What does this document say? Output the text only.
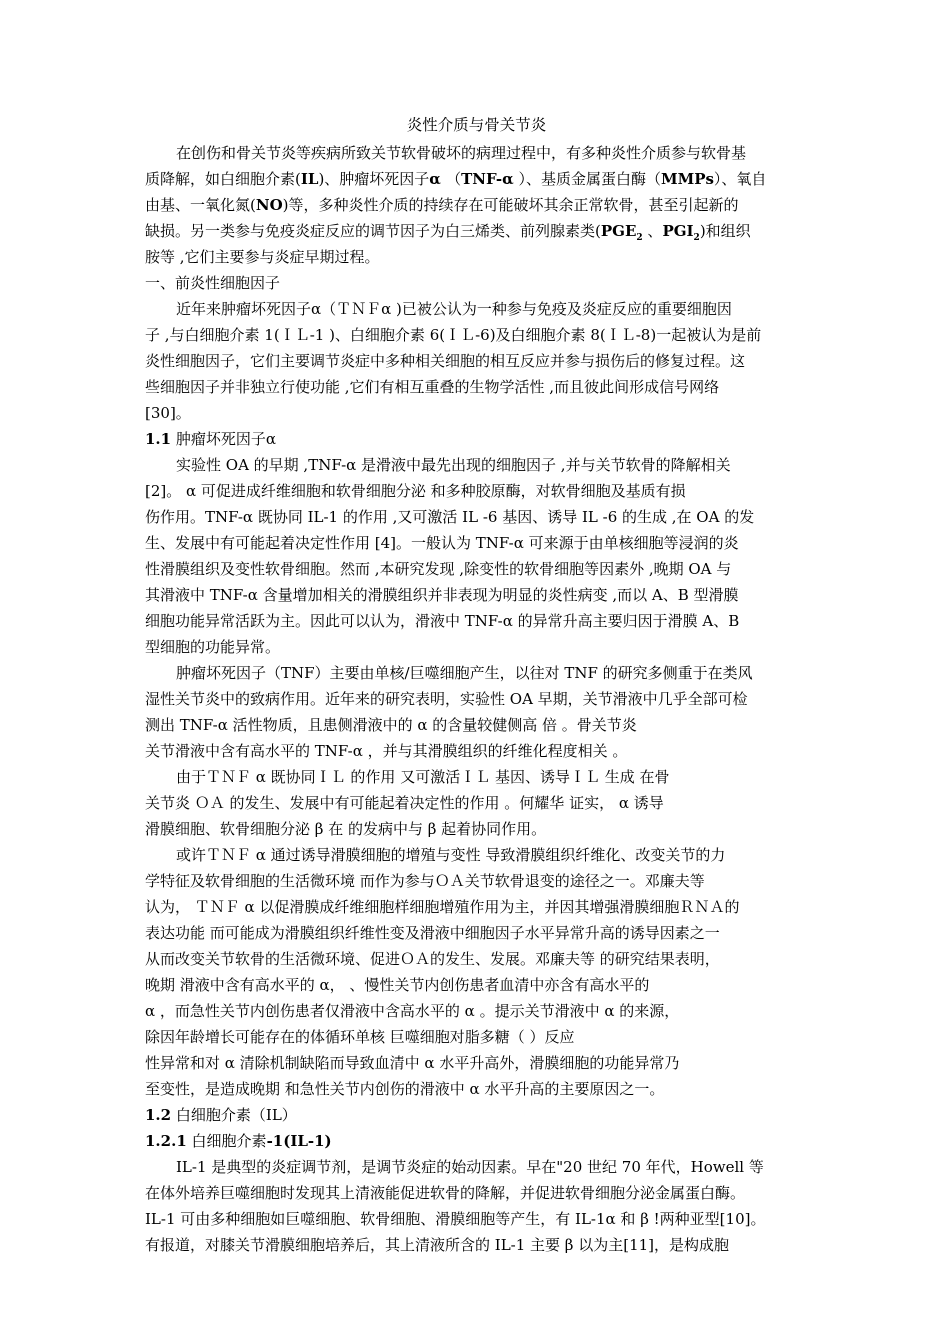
炎性介质与骨关节炎
在创伤和骨关节炎等疾病所致关节软骨破坏的病理过程中，有多种炎性介质参与软骨基
质降解，如白细胞介素(IL)、肿瘤坏死因子α （TNF-α ）、基质金属蛋白酶（MMPs）、氧自
由基、一氧化氮(NO)等，多种炎性介质的持续存在可能破坏其余正常软骨，甚至引起新的
缺损。另一类参与免疫炎症反应的调节因子为白三烯类、前列腺素类($PGE_2$ 、$PGI_2$)和组织
胺等 ,它们主要参与炎症早期过程。
一、前炎性细胞因子
近年来肿瘤坏死因子α（ＴＮＦα )已被公认为一种参与免疫及炎症反应的重要细胞因
子 ,与白细胞介素 1(ＩＬ-1 )、白细胞介素 6(ＩＬ-6)及白细胞介素 8(ＩＬ-8)一起被认为是前
炎性细胞因子，它们主要调节炎症中多种相关细胞的相互反应并参与损伤后的修复过程。这
些细胞因子并非独立行使功能 ,它们有相互重叠的生物学活性 ,而且彼此间形成信号网络
[30]。
1.1 肿瘤坏死因子α
实验性 OA 的早期 ,TNF-α 是滑液中最先出现的细胞因子 ,并与关节软骨的降解相关
[2]。 α 可促进成纤维细胞和软骨细胞分泌 和多种胶原酶，对软骨细胞及基质有损
伤作用。TNF-α 既协同 IL-1 的作用 ,又可激活 IL -6 基因、诱导 IL -6 的生成 ,在 OA 的发
生、发展中有可能起着决定性作用 [4]。一般认为 TNF-α 可来源于由单核细胞等浸润的炎
性滑膜组织及变性软骨细胞。然而 ,本研究发现 ,除变性的软骨细胞等因素外 ,晚期 OA 与
其滑液中 TNF-α 含量增加相关的滑膜组织并非表现为明显的炎性病变 ,而以 A、B 型滑膜
细胞功能异常活跃为主。因此可以认为，滑液中 TNF-α 的异常升高主要归因于滑膜 A、B
型细胞的功能异常。
肿瘤坏死因子（TNF）主要由单核/巨噬细胞产生，以往对 TNF 的研究多侧重于在类风
湿性关节炎中的致病作用。近年来的研究表明，实验性 OA 早期，关节滑液中几乎全部可检
测出 TNF-α 活性物质，且患侧滑液中的 α 的含量较健侧高 倍 。骨关节炎
关节滑液中含有高水平的 TNF-α ，并与其滑膜组织的纤维化程度相关 。
由于ＴＮＦ α 既协同ＩＬ 的作用 又可激活ＩＬ 基因、诱导ＩＬ 生成 在骨
关节炎 ＯＡ 的发生、发展中有可能起着决定性的作用 。何耀华 证实， α 诱导
滑膜细胞、软骨细胞分泌 β 在 的发病中与 β 起着协同作用。
或许ＴＮＦ α 通过诱导滑膜细胞的增殖与变性 导致滑膜组织纤维化、改变关节的力
学特征及软骨细胞的生活微环境 而作为参与ＯＡ关节软骨退变的途径之一。邓廉夫等
认为， ＴＮＦ α 以促滑膜成纤维细胞样细胞增殖作用为主，并因其增强滑膜细胞ＲＮＡ的
表达功能 而可能成为滑膜组织纤维性变及滑液中细胞因子水平异常升高的诱导因素之一
从而改变关节软骨的生活微环境、促进ＯＡ的发生、发展。邓廉夫等 的研究结果表明，
晚期 滑液中含有高水平的 α， 、慢性关节内创伤患者血清中亦含有高水平的
α ，而急性关节内创伤患者仅滑液中含高水平的 α 。提示关节滑液中 α 的来源，
除因年龄增长可能存在的体循环单核 巨噬细胞对脂多糖（ ）反应
性异常和对 α 清除机制缺陷而导致血清中 α 水平升高外，滑膜细胞的功能异常乃
至变性，是造成晚期 和急性关节内创伤的滑液中 α 水平升高的主要原因之一。
1.2 白细胞介素（IL）
1.2.1 白细胞介素-1(IL-1)
IL-1 是典型的炎症调节剂，是调节炎症的始动因素。早在"20 世纪 70 年代，Howell 等
在体外培养巨噬细胞时发现其上清液能促进软骨的降解，并促进软骨细胞分泌金属蛋白酶。
IL-1 可由多种细胞如巨噬细胞、软骨细胞、滑膜细胞等产生，有 IL-1α 和 β !两种亚型[10]。
有报道，对膝关节滑膜细胞培养后，其上清液所含的 IL-1 主要 β 以为主[11]，是构成胞
